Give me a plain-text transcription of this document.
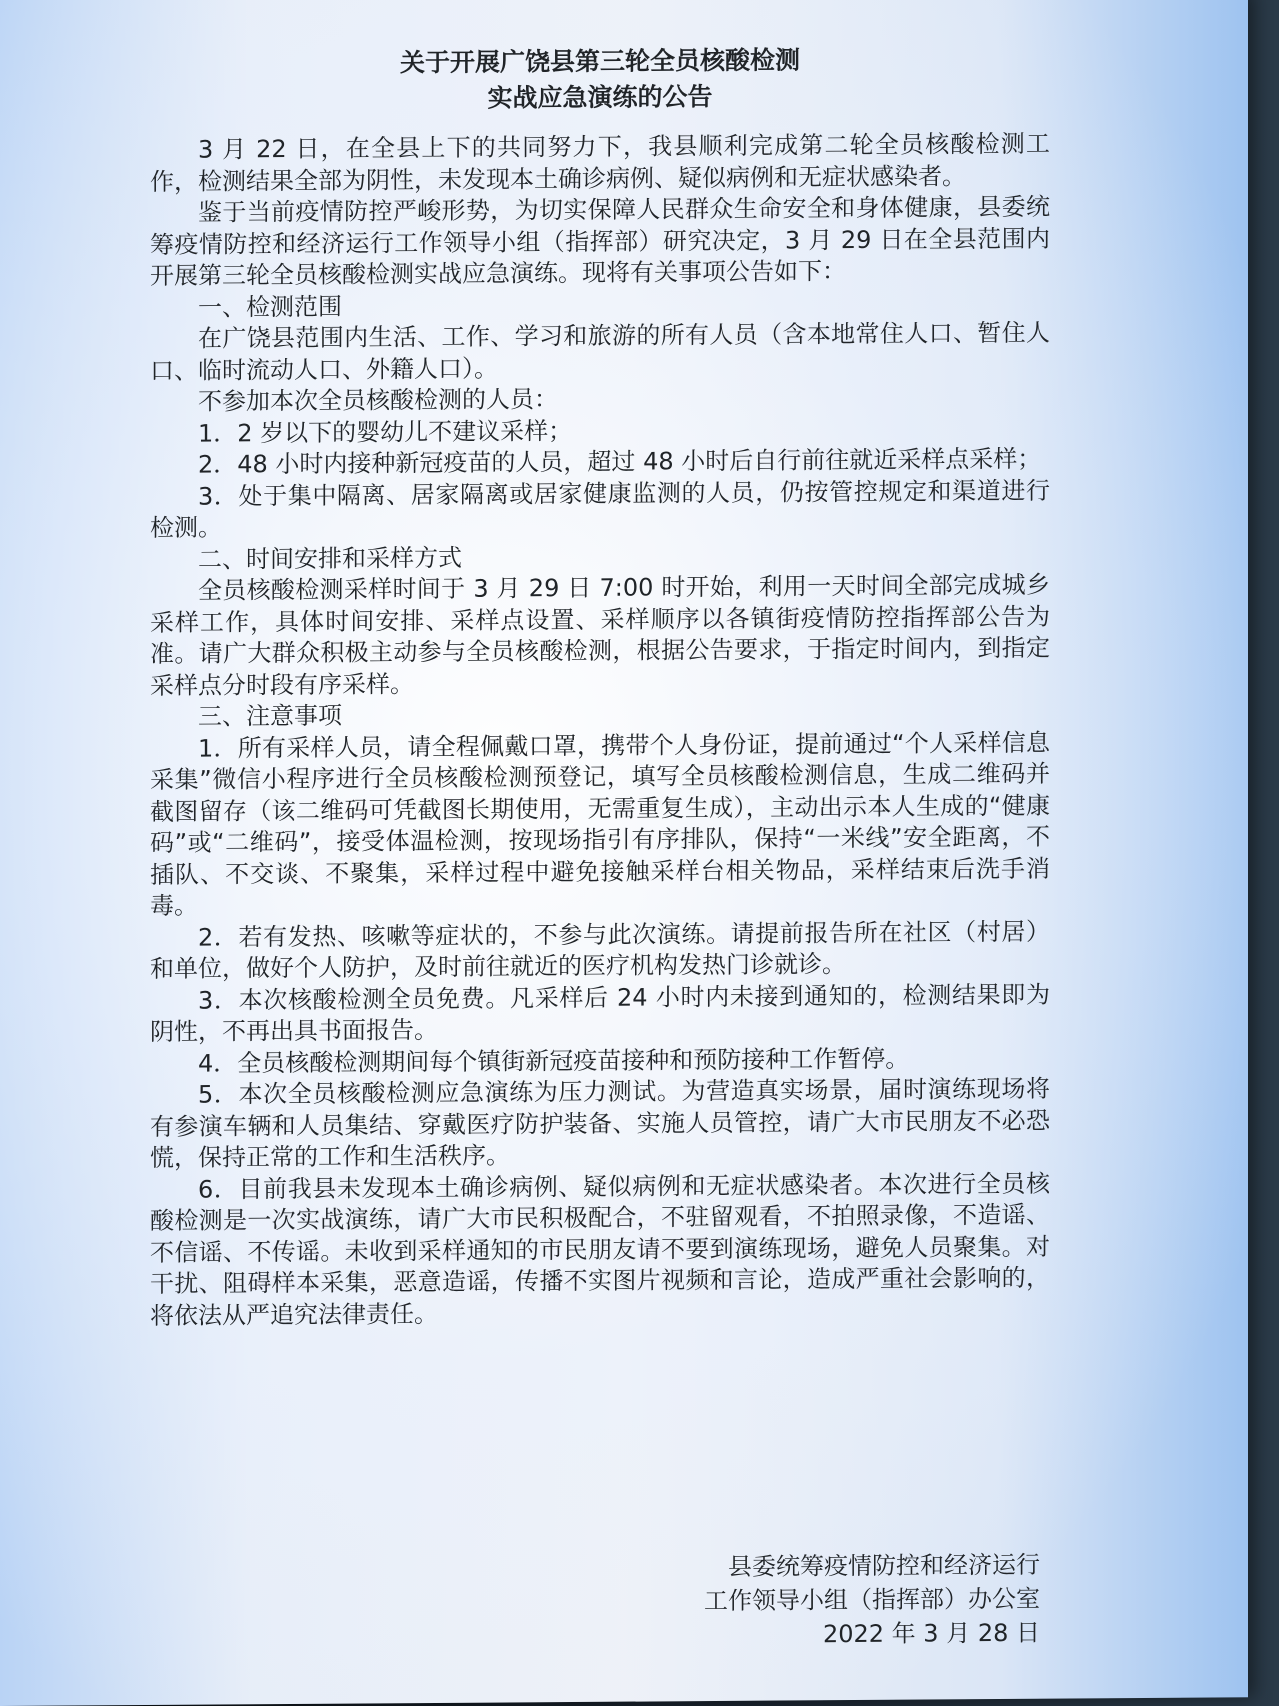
关于开展广饶县第三轮全员核酸检测
实战应急演练的公告

3 月 22 日，在全县上下的共同努力下，我县顺利完成第二轮全员核酸检测工作，检测结果全部为阴性，未发现本土确诊病例、疑似病例和无症状感染者。

鉴于当前疫情防控严峻形势，为切实保障人民群众生命安全和身体健康，县委统筹疫情防控和经济运行工作领导小组（指挥部）研究决定，3 月 29 日在全县范围内开展第三轮全员核酸检测实战应急演练。现将有关事项公告如下：

一、检测范围

在广饶县范围内生活、工作、学习和旅游的所有人员（含本地常住人口、暂住人口、临时流动人口、外籍人口）。

不参加本次全员核酸检测的人员：

1．2 岁以下的婴幼儿不建议采样；

2．48 小时内接种新冠疫苗的人员，超过 48 小时后自行前往就近采样点采样；

3．处于集中隔离、居家隔离或居家健康监测的人员，仍按管控规定和渠道进行检测。

二、时间安排和采样方式

全员核酸检测采样时间于 3 月 29 日 7:00 时开始，利用一天时间全部完成城乡采样工作，具体时间安排、采样点设置、采样顺序以各镇街疫情防控指挥部公告为准。请广大群众积极主动参与全员核酸检测，根据公告要求，于指定时间内，到指定采样点分时段有序采样。

三、注意事项

1．所有采样人员，请全程佩戴口罩，携带个人身份证，提前通过“个人采样信息采集”微信小程序进行全员核酸检测预登记，填写全员核酸检测信息，生成二维码并截图留存（该二维码可凭截图长期使用，无需重复生成），主动出示本人生成的“健康码”或“二维码”，接受体温检测，按现场指引有序排队，保持“一米线”安全距离，不插队、不交谈、不聚集，采样过程中避免接触采样台相关物品，采样结束后洗手消毒。

2．若有发热、咳嗽等症状的，不参与此次演练。请提前报告所在社区（村居）和单位，做好个人防护，及时前往就近的医疗机构发热门诊就诊。

3．本次核酸检测全员免费。凡采样后 24 小时内未接到通知的，检测结果即为阴性，不再出具书面报告。

4．全员核酸检测期间每个镇街新冠疫苗接种和预防接种工作暂停。

5．本次全员核酸检测应急演练为压力测试。为营造真实场景，届时演练现场将有参演车辆和人员集结、穿戴医疗防护装备、实施人员管控，请广大市民朋友不必恐慌，保持正常的工作和生活秩序。

6．目前我县未发现本土确诊病例、疑似病例和无症状感染者。本次进行全员核酸检测是一次实战演练，请广大市民积极配合，不驻留观看，不拍照录像，不造谣、不信谣、不传谣。未收到采样通知的市民朋友请不要到演练现场，避免人员聚集。对干扰、阻碍样本采集，恶意造谣，传播不实图片视频和言论，造成严重社会影响的，将依法从严追究法律责任。

县委统筹疫情防控和经济运行
工作领导小组（指挥部）办公室
2022 年 3 月 28 日
